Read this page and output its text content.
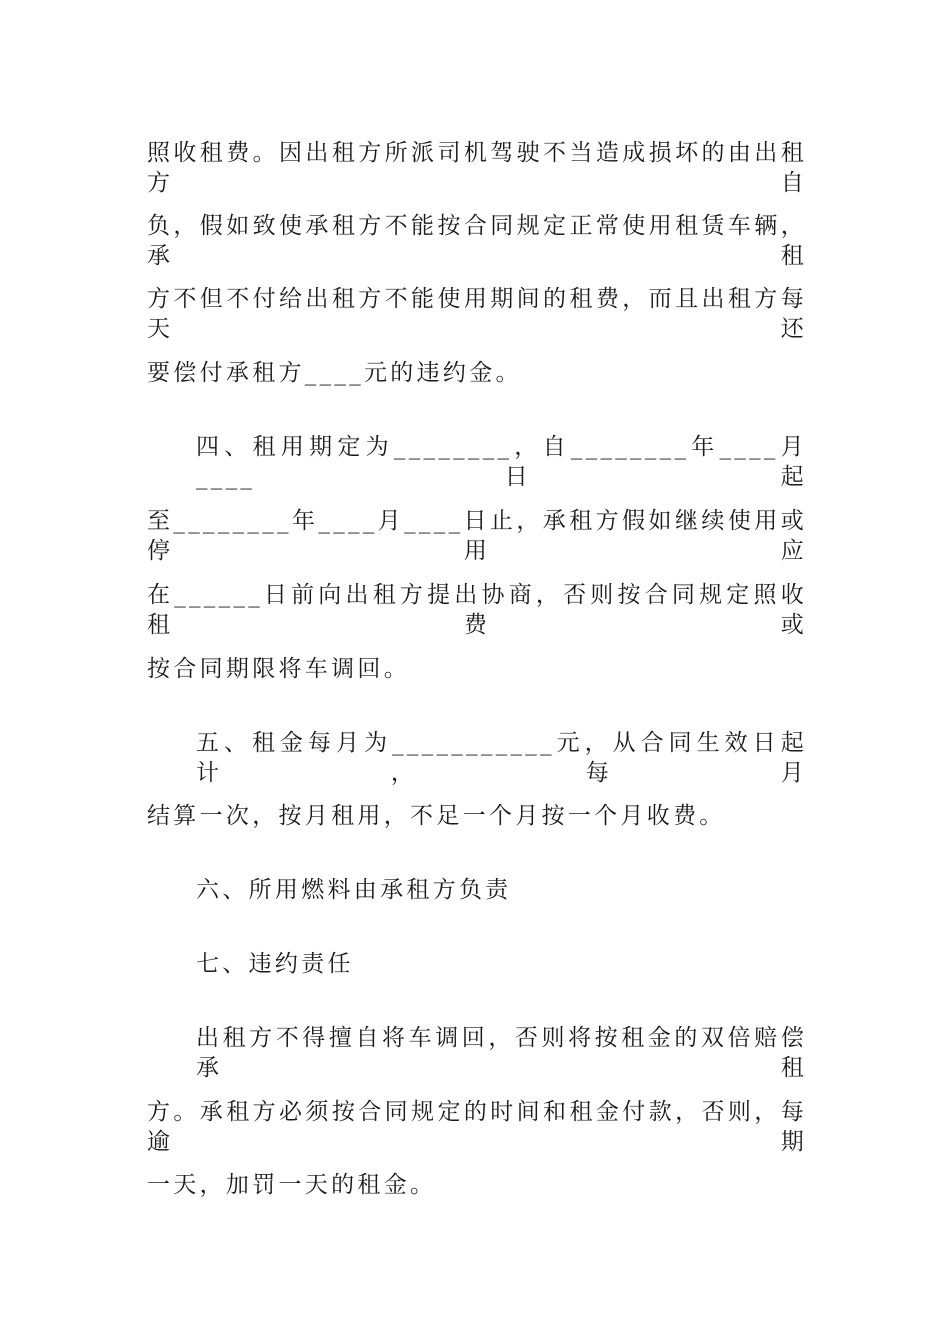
照收租费。因出租方所派司机驾驶不当造成损坏的由出租方自
负，假如致使承租方不能按合同规定正常使用租赁车辆，承租
方不但不付给出租方不能使用期间的租费，而且出租方每天还
要偿付承租方____元的违约金。
四、租用期定为________，自________年____月____日起
至________年____月____日止，承租方假如继续使用或停用应
在______日前向出租方提出协商，否则按合同规定照收租费或
按合同期限将车调回。
五、租金每月为___________元，从合同生效日起计，每月
结算一次，按月租用，不足一个月按一个月收费。
六、所用燃料由承租方负责
七、违约责任
出租方不得擅自将车调回，否则将按租金的双倍赔偿承租
方。承租方必须按合同规定的时间和租金付款，否则，每逾期
一天，加罚一天的租金。
